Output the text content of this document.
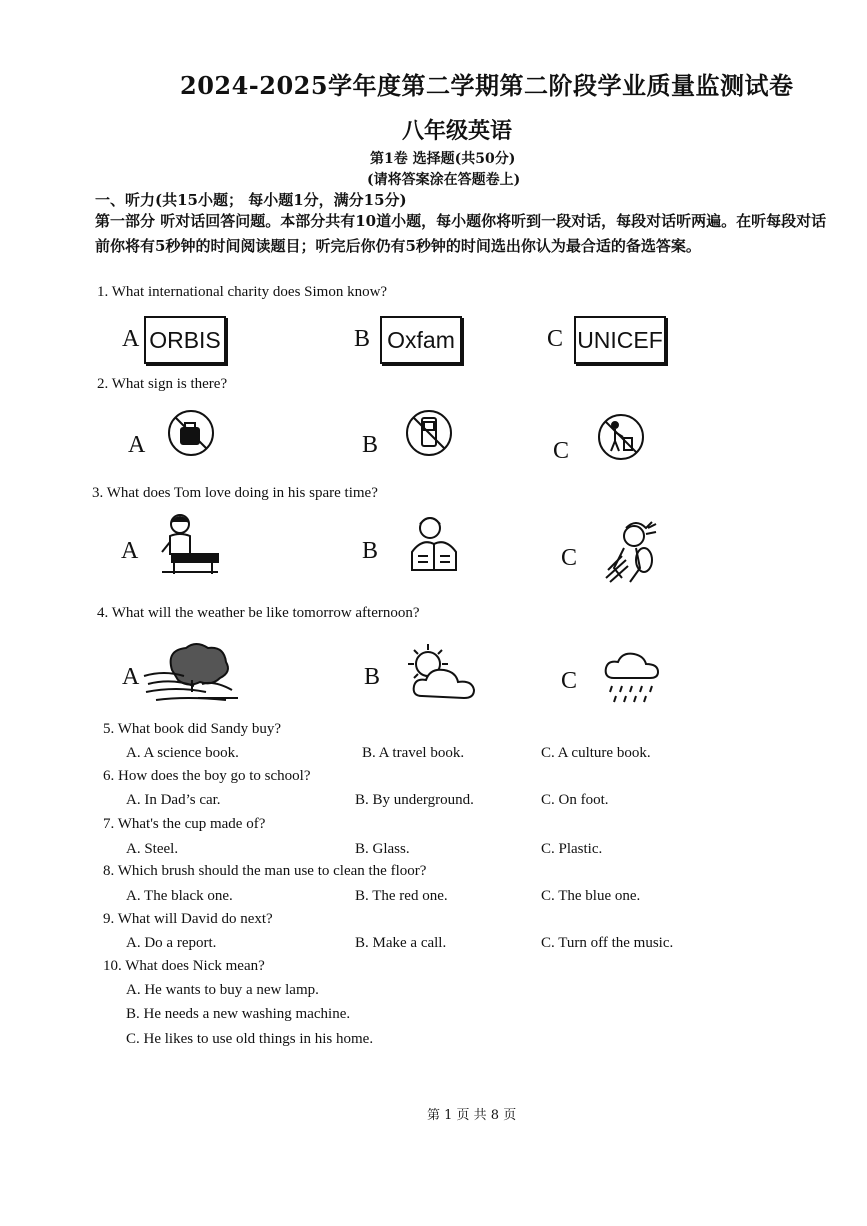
2024-2025学年度第二学期第二阶段学业质量监测试卷
八年级英语
第1卷 选择题(共50分)
(请将答案涂在答题卷上)
一、听力(共15小题； 每小题1分，满分15分)
第一部分 听对话回答问题。本部分共有10道小题，每小题你将听到一段对话，每段对话听两遍。在听每段对话前你将有5秒钟的时间阅读题目；听完后你仍有5秒钟的时间选出你认为最合适的备选答案。
1. What international charity does Simon know?
A ORBIS	B Oxfam	C UNICEF
2. What sign is there?
A	B	C
3. What does Tom love doing in his spare time?
A	B	C
4. What will the weather be like tomorrow afternoon?
A	B	C
5. What book did Sandy buy?
A. A science book.	B. A travel book.	C. A culture book.
6. How does the boy go to school?
A. In Dad’s car.	B. By underground.	C. On foot.
7. What's the cup made of?
A. Steel.	B. Glass.	C. Plastic.
8. Which brush should the man use to clean the floor?
A. The black one.	B. The red one.	C. The blue one.
9. What will David do next?
A. Do a report.	B. Make a call.	C. Turn off the music.
10. What does Nick mean?
A. He wants to buy a new lamp.
B. He needs a new washing machine.
C. He likes to use old things in his home.
第 1 页 共 8 页
